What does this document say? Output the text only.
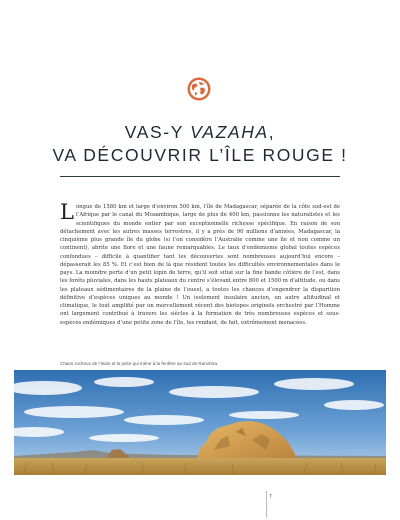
VAS-Y VAZAHA,
VA DÉCOUVRIR L’ÎLE ROUGE !

Longue de 1580 km et large d’environ 500 km, l’île de Madagascar, séparée de la côte sud-est de l’Afrique par le canal du Mozambique, large de plus de 400 km, passionne les naturalistes et les scientifiques du monde entier par son exceptionnelle richesse spécifique. En raison de son détachement avec les autres masses terrestres, il y a près de 90 millions d’années, Madagascar, la cinquième plus grande île du globe (si l’on considère l’Australie comme une île et non comme un continent), abrite une flore et une faune remarquables. Le taux d’endémisme global toutes espèces confondues – difficile à quantifier tant les découvertes sont nombreuses aujourd’hui encore – dépasserait les 85 %. Et c’est bien de là que résident toutes les difficultés environnementales dans le pays. La moindre perte d’un petit lopin de terre, qu’il soit situé sur la fine bande côtière de l’est, dans les forêts pluviales, dans les hauts plateaux du centre s’élevant entre 800 et 1500 m d’altitude, ou dans les plateaux sédimentaires de la plaine de l’ouest, a toutes les chances d’engendrer la disparition définitive d’espèces uniques au monde ! Un isolement insulaire ancien, un autre altitudinal et climatique, le tout amplifié par un morcellement récent des biotopes originels orchestré par l’Homme ont largement contribué à travers les siècles à la formation de très nombreuses espèces et sous-espèces endémiques d’une petite zone de l’île, les rendant, de fait, extrêmement menacées.

Chaos rocheux de l’Isalo et la piste qui mène à la fenêtre au sud de Ranohira.
7
